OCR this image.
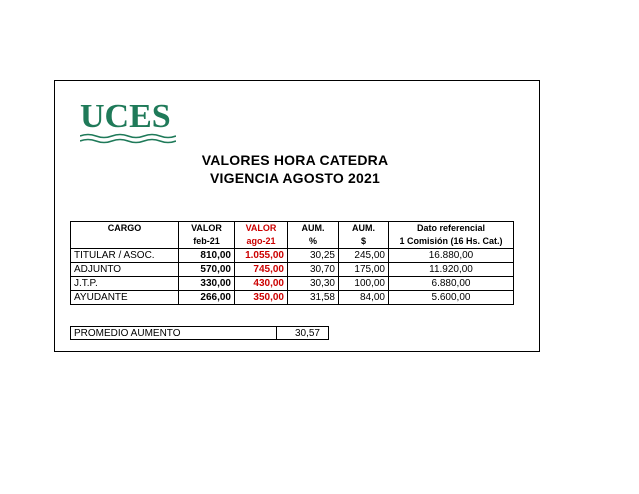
UCES
VALORES HORA CATEDRA
VIGENCIA AGOSTO 2021
CARGO	VALOR	VALOR	AUM.	AUM.	Dato referencial
	feb-21	ago-21	%	$	1 Comisión (16 Hs. Cat.)
TITULAR / ASOC.	810,00	1.055,00	30,25	245,00	16.880,00
ADJUNTO	570,00	745,00	30,70	175,00	11.920,00
J.T.P.	330,00	430,00	30,30	100,00	6.880,00
AYUDANTE	266,00	350,00	31,58	84,00	5.600,00
PROMEDIO AUMENTO	30,57
